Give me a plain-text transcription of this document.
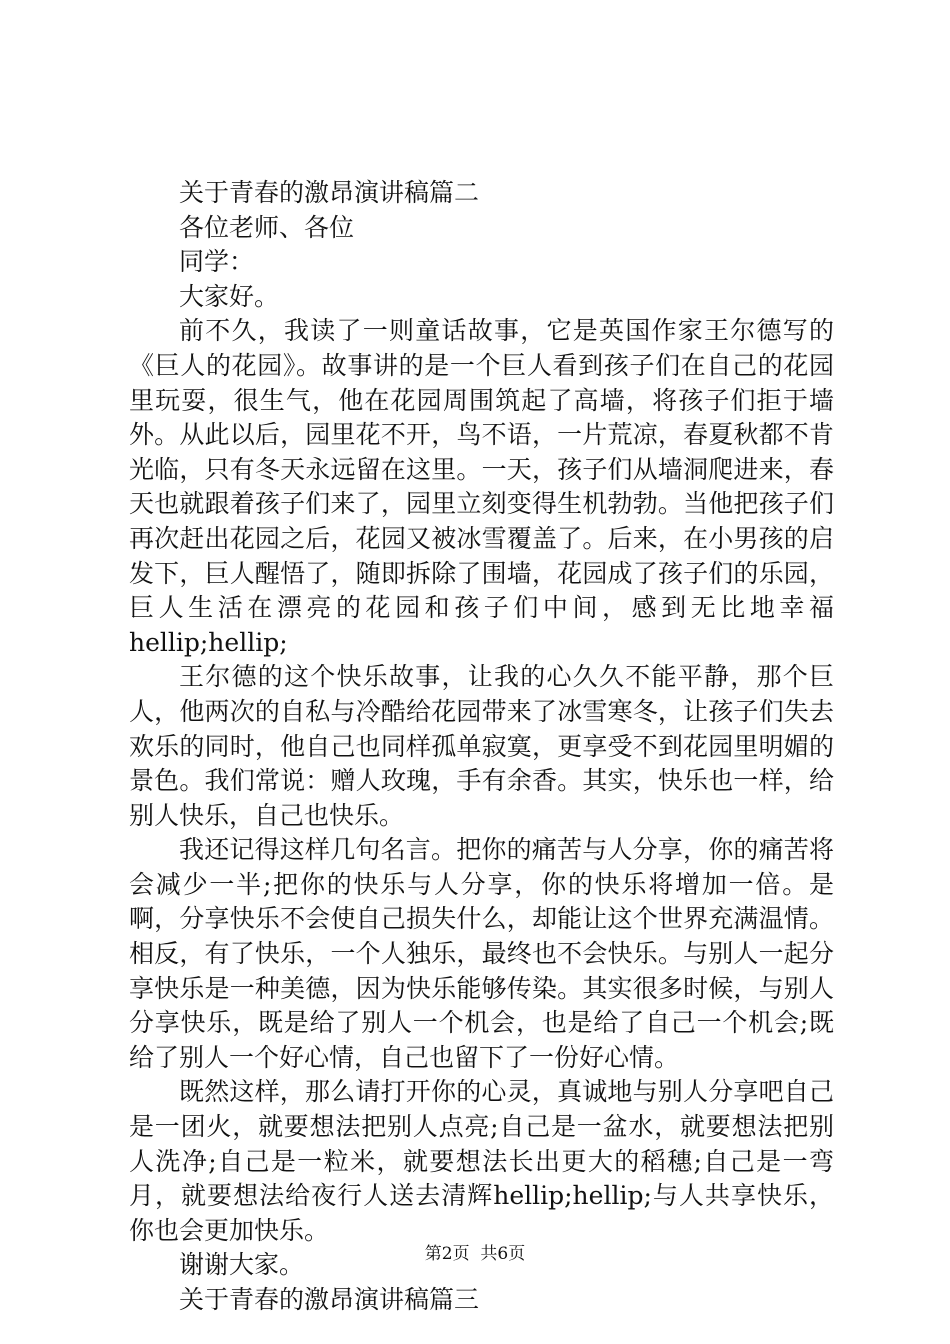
关于青春的激昂演讲稿篇二

各位老师、各位

同学：

大家好。

前不久，我读了一则童话故事，它是英国作家王尔德写的《巨人的花园》。故事讲的是一个巨人看到孩子们在自己的花园里玩耍，很生气，他在花园周围筑起了高墙，将孩子们拒于墙外。从此以后，园里花不开，鸟不语，一片荒凉，春夏秋都不肯光临，只有冬天永远留在这里。一天，孩子们从墙洞爬进来，春天也就跟着孩子们来了，园里立刻变得生机勃勃。当他把孩子们再次赶出花园之后，花园又被冰雪覆盖了。后来，在小男孩的启发下，巨人醒悟了，随即拆除了围墙，花园成了孩子们的乐园，巨人生活在漂亮的花园和孩子们中间，感到无比地幸福hellip;hellip;

王尔德的这个快乐故事，让我的心久久不能平静，那个巨人，他两次的自私与冷酷给花园带来了冰雪寒冬，让孩子们失去欢乐的同时，他自己也同样孤单寂寞，更享受不到花园里明媚的景色。我们常说：赠人玫瑰，手有余香。其实，快乐也一样，给别人快乐，自己也快乐。

我还记得这样几句名言。把你的痛苦与人分享，你的痛苦将会减少一半;把你的快乐与人分享，你的快乐将增加一倍。是啊，分享快乐不会使自己损失什么，却能让这个世界充满温情。相反，有了快乐，一个人独乐，最终也不会快乐。与别人一起分享快乐是一种美德，因为快乐能够传染。其实很多时候，与别人分享快乐，既是给了别人一个机会，也是给了自己一个机会;既给了别人一个好心情，自己也留下了一份好心情。

既然这样，那么请打开你的心灵，真诚地与别人分享吧自己是一团火，就要想法把别人点亮;自己是一盆水，就要想法把别人洗净;自己是一粒米，就要想法长出更大的稻穗;自己是一弯月，就要想法给夜行人送去清辉hellip;hellip;与人共享快乐，你也会更加快乐。

谢谢大家。

关于青春的激昂演讲稿篇三

第2页  共6页
